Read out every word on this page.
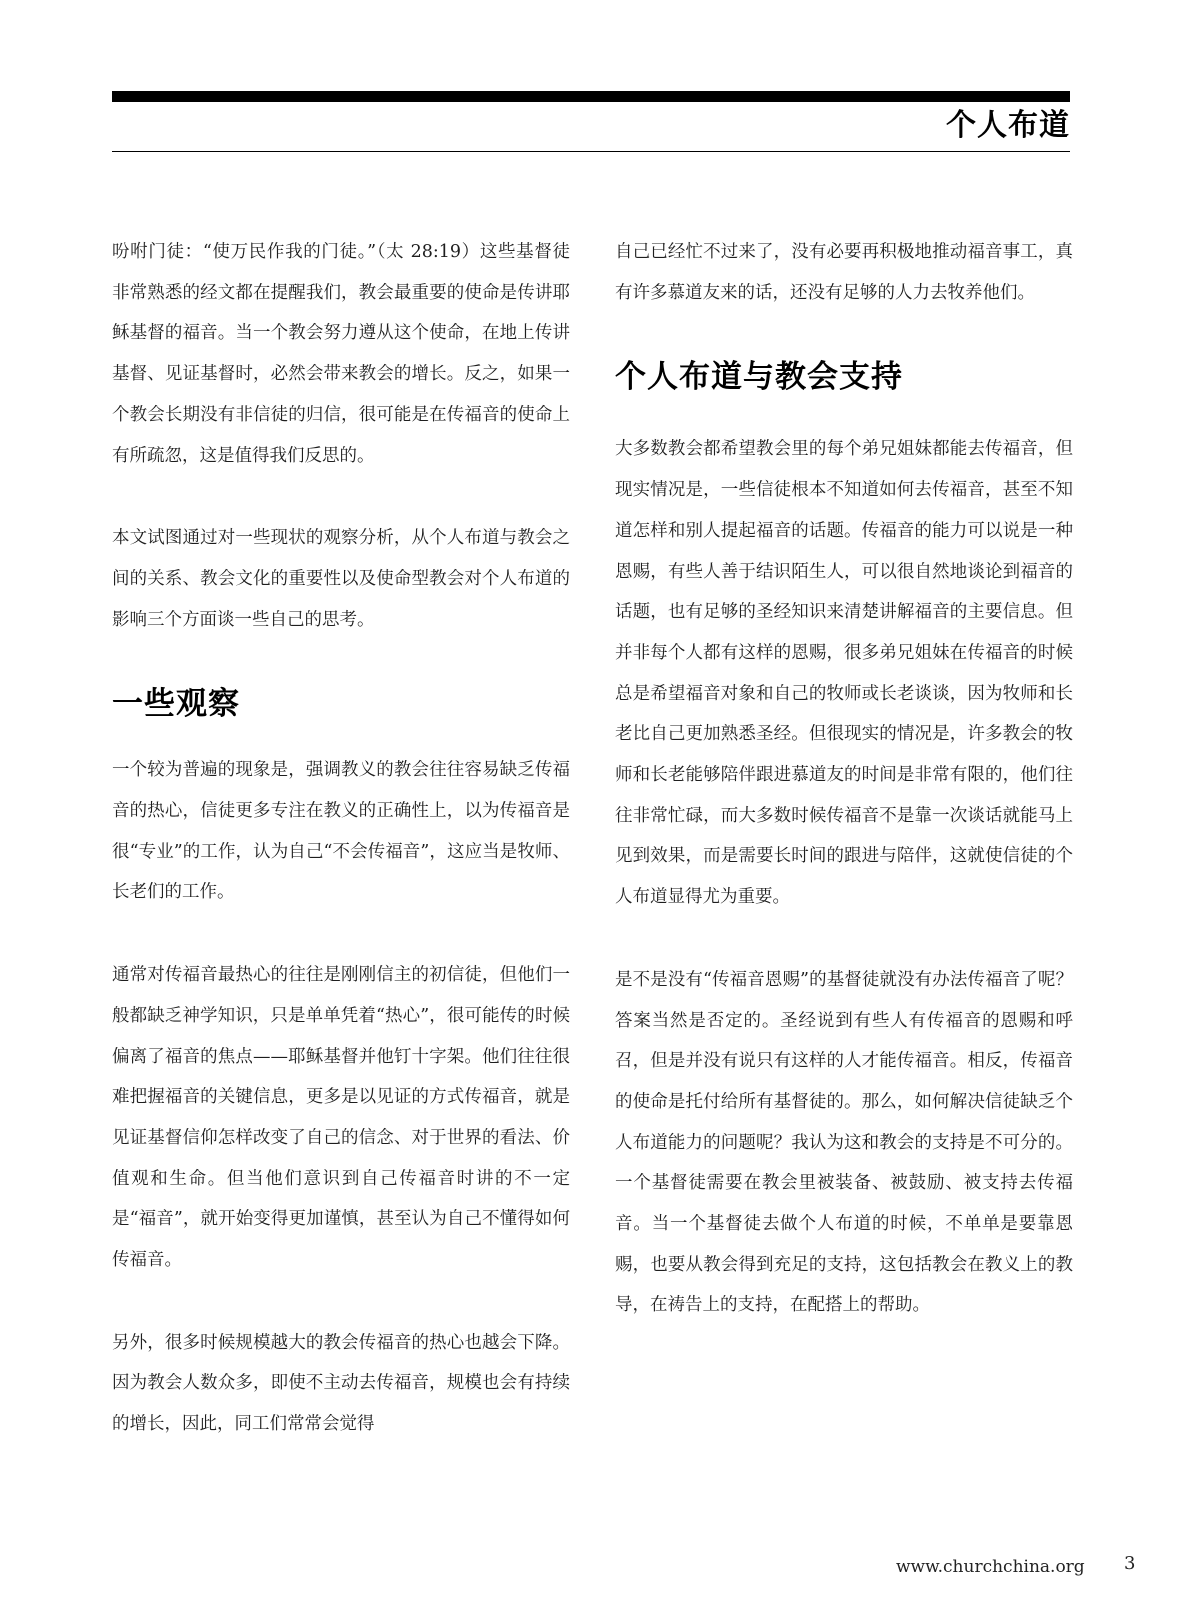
个人布道

吩咐门徒：“使万民作我的门徒。”（太 28:19）这些基督徒非常熟悉的经文都在提醒我们，教会最重要的使命是传讲耶稣基督的福音。当一个教会努力遵从这个使命，在地上传讲基督、见证基督时，必然会带来教会的增长。反之，如果一个教会长期没有非信徒的归信，很可能是在传福音的使命上有所疏忽，这是值得我们反思的。

本文试图通过对一些现状的观察分析，从个人布道与教会之间的关系、教会文化的重要性以及使命型教会对个人布道的影响三个方面谈一些自己的思考。

一些观察

一个较为普遍的现象是，强调教义的教会往往容易缺乏传福音的热心，信徒更多专注在教义的正确性上，以为传福音是很“专业”的工作，认为自己“不会传福音”，这应当是牧师、长老们的工作。

通常对传福音最热心的往往是刚刚信主的初信徒，但他们一般都缺乏神学知识，只是单单凭着“热心”，很可能传的时候偏离了福音的焦点——耶稣基督并他钉十字架。他们往往很难把握福音的关键信息，更多是以见证的方式传福音，就是见证基督信仰怎样改变了自己的信念、对于世界的看法、价值观和生命。但当他们意识到自己传福音时讲的不一定是“福音”，就开始变得更加谨慎，甚至认为自己不懂得如何传福音。

另外，很多时候规模越大的教会传福音的热心也越会下降。因为教会人数众多，即使不主动去传福音，规模也会有持续的增长，因此，同工们常常会觉得

自己已经忙不过来了，没有必要再积极地推动福音事工，真有许多慕道友来的话，还没有足够的人力去牧养他们。

个人布道与教会支持

大多数教会都希望教会里的每个弟兄姐妹都能去传福音，但现实情况是，一些信徒根本不知道如何去传福音，甚至不知道怎样和别人提起福音的话题。传福音的能力可以说是一种恩赐，有些人善于结识陌生人，可以很自然地谈论到福音的话题，也有足够的圣经知识来清楚讲解福音的主要信息。但并非每个人都有这样的恩赐，很多弟兄姐妹在传福音的时候总是希望福音对象和自己的牧师或长老谈谈，因为牧师和长老比自己更加熟悉圣经。但很现实的情况是，许多教会的牧师和长老能够陪伴跟进慕道友的时间是非常有限的，他们往往非常忙碌，而大多数时候传福音不是靠一次谈话就能马上见到效果，而是需要长时间的跟进与陪伴，这就使信徒的个人布道显得尤为重要。

是不是没有“传福音恩赐”的基督徒就没有办法传福音了呢？答案当然是否定的。圣经说到有些人有传福音的恩赐和呼召，但是并没有说只有这样的人才能传福音。相反，传福音的使命是托付给所有基督徒的。那么，如何解决信徒缺乏个人布道能力的问题呢？我认为这和教会的支持是不可分的。一个基督徒需要在教会里被装备、被鼓励、被支持去传福音。当一个基督徒去做个人布道的时候，不单单是要靠恩赐，也要从教会得到充足的支持，这包括教会在教义上的教导，在祷告上的支持，在配搭上的帮助。

www.churchchina.org 3
